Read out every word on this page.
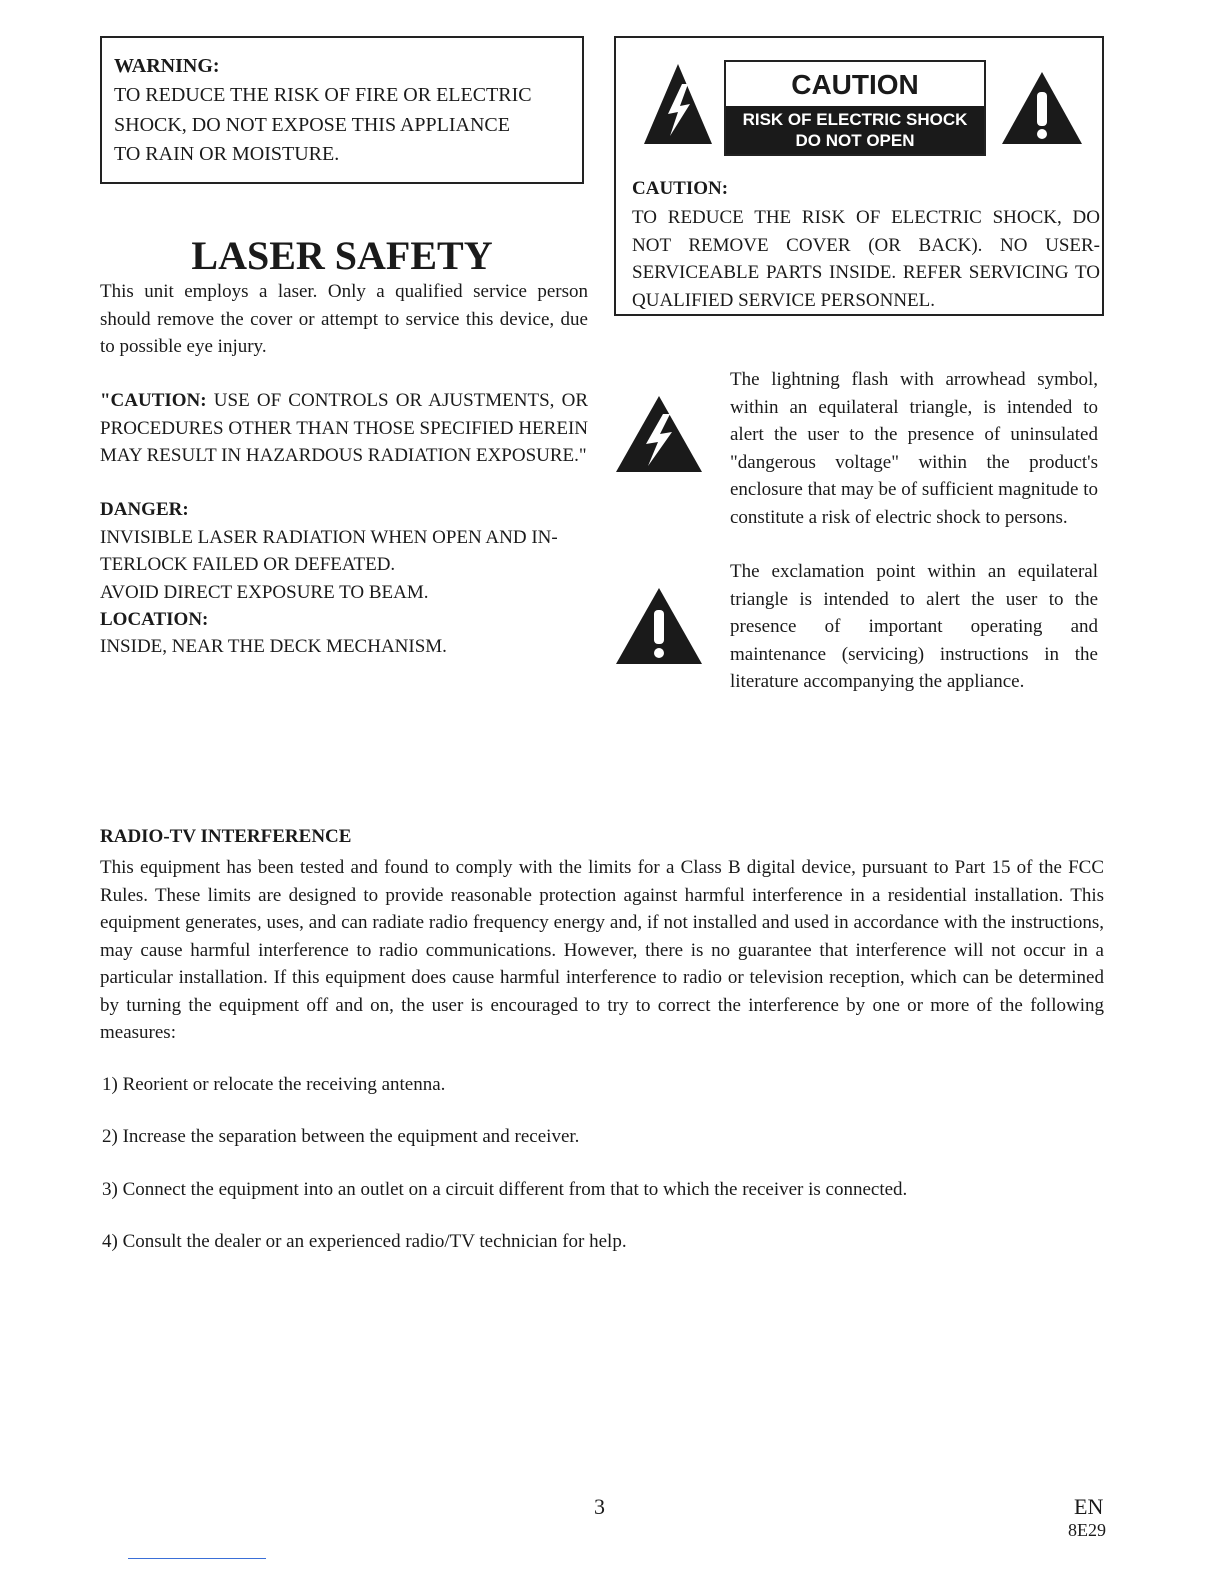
WARNING:
TO REDUCE THE RISK OF FIRE OR ELECTRIC
SHOCK, DO NOT EXPOSE THIS APPLIANCE
TO RAIN OR MOISTURE.
CAUTION
RISK OF ELECTRIC SHOCK
DO NOT OPEN
CAUTION:
TO REDUCE THE RISK OF ELECTRIC SHOCK, DO NOT REMOVE COVER (OR BACK). NO USER-SERVICEABLE PARTS INSIDE. REFER SERVICING TO QUALIFIED SERVICE PERSONNEL.
LASER SAFETY
This unit employs a laser. Only a qualified service person should remove the cover or attempt to service this device, due to possible eye injury.
"CAUTION: USE OF CONTROLS OR AJUSTMENTS, OR PROCEDURES OTHER THAN THOSE SPECIFIED HEREIN MAY RESULT IN HAZARDOUS RADIATION EXPOSURE."
DANGER:
INVISIBLE LASER RADIATION WHEN OPEN AND IN-
TERLOCK FAILED OR DEFEATED.
AVOID DIRECT EXPOSURE TO BEAM.
LOCATION:
INSIDE, NEAR THE DECK MECHANISM.
The lightning flash with arrowhead symbol, within an equilateral triangle, is intended to alert the user to the presence of uninsulated "dangerous voltage" within the product's enclosure that may be of sufficient magnitude to constitute a risk of electric shock to persons.
The exclamation point within an equilateral triangle is intended to alert the user to the presence of important operating and maintenance (servicing) instructions in the literature accompanying the appliance.
RADIO-TV INTERFERENCE
This equipment has been tested and found to comply with the limits for a Class B digital device, pursuant to Part 15 of the FCC Rules. These limits are designed to provide reasonable protection against harmful interference in a residential installation. This equipment generates, uses, and can radiate radio frequency energy and, if not installed and used in accordance with the instructions, may cause harmful interference to radio communications. However, there is no guarantee that interference will not occur in a particular installation. If this equipment does cause harmful interference to radio or television reception, which can be determined by turning the equipment off and on, the user is encouraged to try to correct the interference by one or more of the following measures:
1) Reorient or relocate the receiving antenna.
2) Increase the separation between the equipment and receiver.
3) Connect the equipment into an outlet on a circuit different from that to which the receiver is connected.
4) Consult the dealer or an experienced radio/TV technician for help.
3	EN
8E29
